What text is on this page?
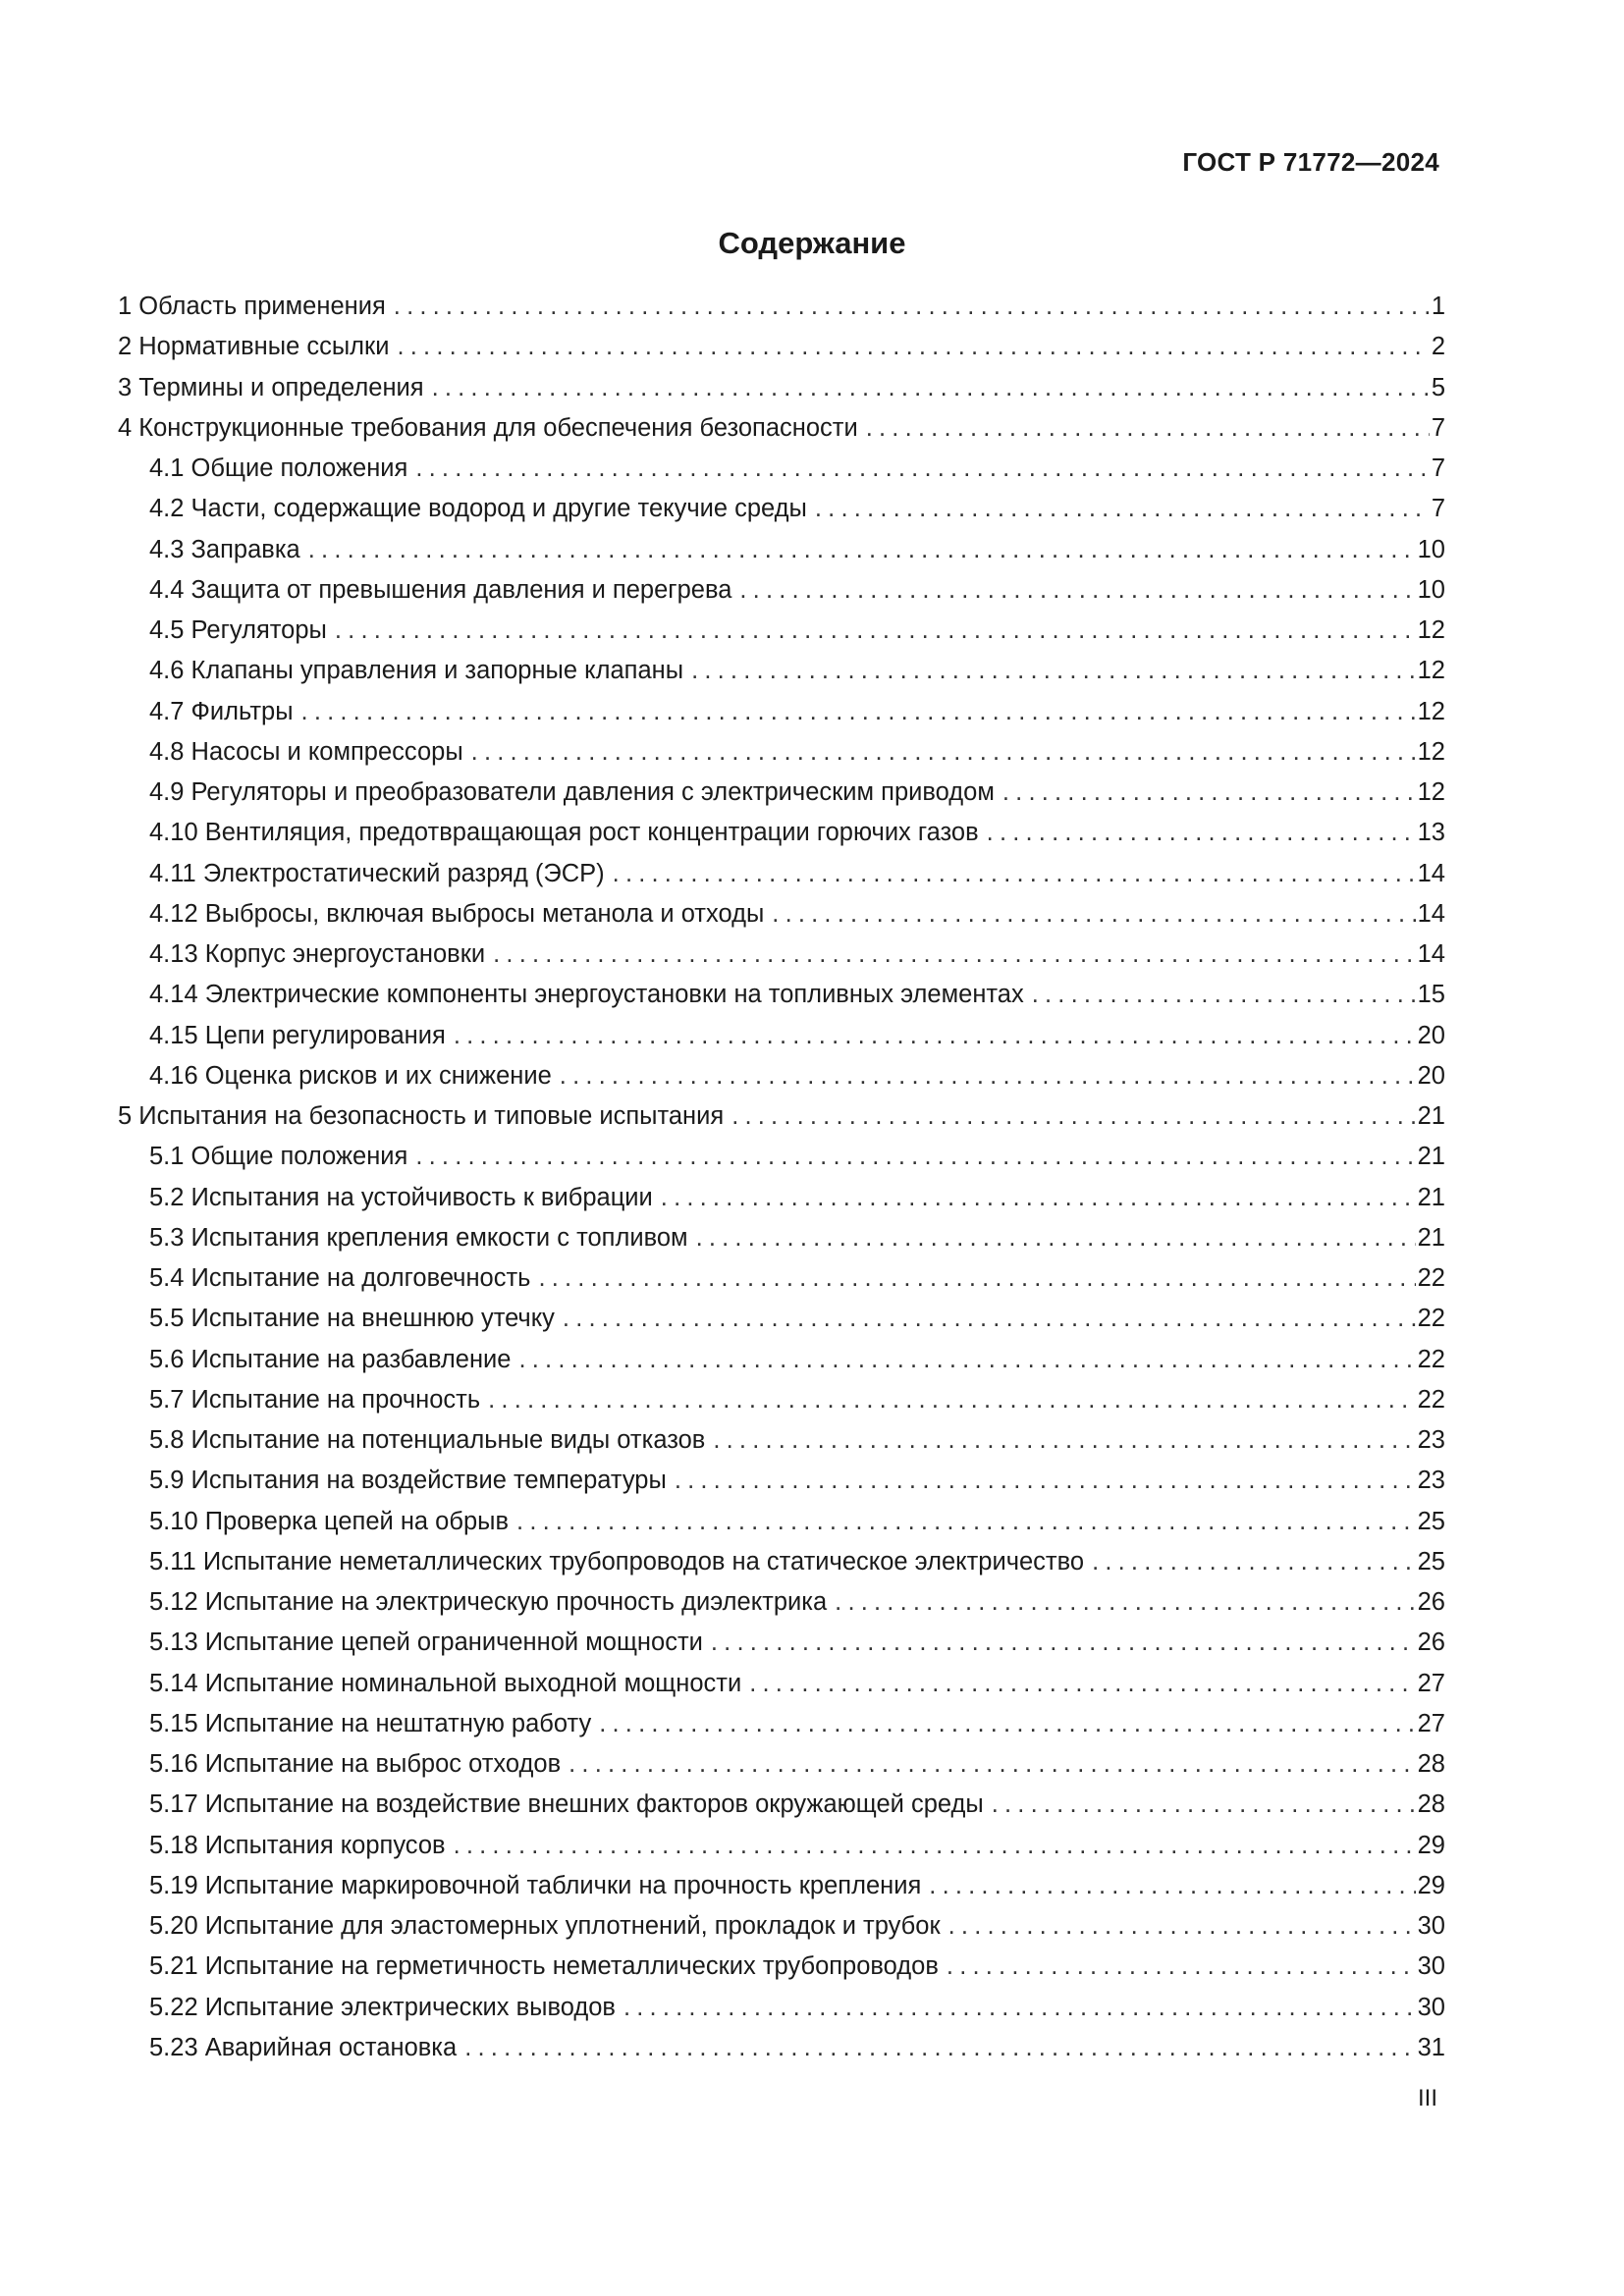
ГОСТ Р 71772—2024
Содержание
1 Область применения .....	1
2 Нормативные ссылки .....	2
3 Термины и определения .....	5
4 Конструкционные требования для обеспечения безопасности .....	7
4.1 Общие положения .....	7
4.2 Части, содержащие водород и другие текучие среды .....	7
4.3 Заправка .....	10
4.4 Защита от превышения давления и перегрева .....	10
4.5 Регуляторы .....	12
4.6 Клапаны управления и запорные клапаны .....	12
4.7 Фильтры .....	12
4.8 Насосы и компрессоры .....	12
4.9 Регуляторы и преобразователи давления с электрическим приводом .....	12
4.10 Вентиляция, предотвращающая рост концентрации горючих газов .....	13
4.11 Электростатический разряд (ЭСР) .....	14
4.12 Выбросы, включая выбросы метанола и отходы .....	14
4.13 Корпус энергоустановки .....	14
4.14 Электрические компоненты энергоустановки на топливных элементах .....	15
4.15 Цепи регулирования .....	20
4.16 Оценка рисков и их снижение .....	20
5 Испытания на безопасность и типовые испытания .....	21
5.1 Общие положения .....	21
5.2 Испытания на устойчивость к вибрации .....	21
5.3 Испытания крепления емкости с топливом .....	21
5.4 Испытание на долговечность .....	22
5.5 Испытание на внешнюю утечку .....	22
5.6 Испытание на разбавление .....	22
5.7 Испытание на прочность .....	22
5.8 Испытание на потенциальные виды отказов .....	23
5.9 Испытания на воздействие температуры .....	23
5.10 Проверка цепей на обрыв .....	25
5.11 Испытание неметаллических трубопроводов на статическое электричество .....	25
5.12 Испытание на электрическую прочность диэлектрика .....	26
5.13 Испытание цепей ограниченной мощности .....	26
5.14 Испытание номинальной выходной мощности .....	27
5.15 Испытание на нештатную работу .....	27
5.16 Испытание на выброс отходов .....	28
5.17 Испытание на воздействие внешних факторов окружающей среды .....	28
5.18 Испытания корпусов .....	29
5.19 Испытание маркировочной таблички на прочность крепления .....	29
5.20 Испытание для эластомерных уплотнений, прокладок и трубок .....	30
5.21 Испытание на герметичность неметаллических трубопроводов .....	30
5.22 Испытание электрических выводов .....	30
5.23 Аварийная остановка .....	31
III
